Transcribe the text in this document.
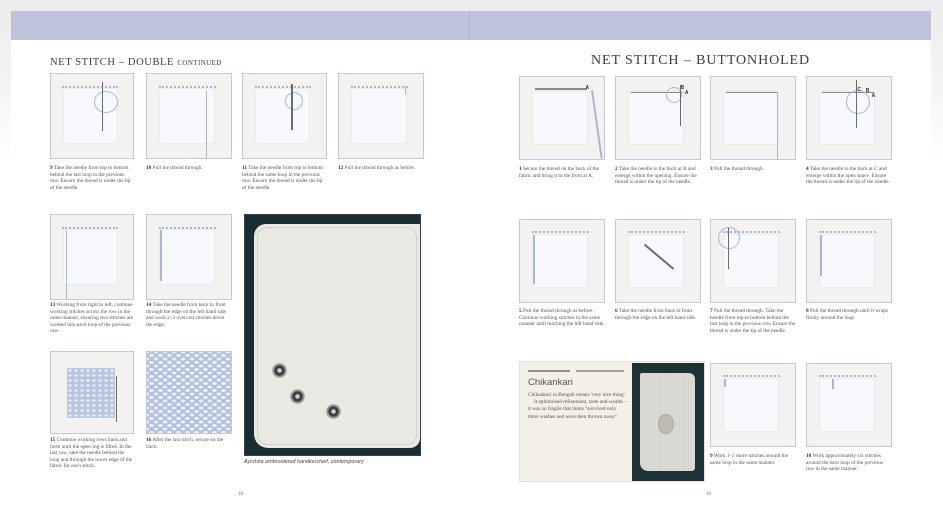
NET STITCH – DOUBLE CONTINUED
9 Take the needle from top to bottom behind the last loop in the previous row. Ensure the thread is under the tip of the needle.
10 Pull the thread through.	11 Take the needle from top to bottom behind the same loop in the previous row. Ensure the thread is under the tip of the needle.
12 Pull the thread through as before.
13 Working from right to left, continue working stitches across the row in the same manner, ensuring two stitches are worked into each loop of the previous row.
14 Take the needle from back to front through the edge on the left hand side and work 2–3 overcast stitches down the edge.
15 Continue working rows back and forth until the open-ing is filled. In the last row, take the needle behind the loop and through the lower edge of the fabric for each stitch.
16 After the last stitch, secure on the back.
Ayrshire embroidered handkerchief, contemporary
18
NET STITCH – BUTTONHOLED
A
1 Secure the thread on the back of the fabric and bring it to the front at A.
B
A
2 Take the needle to the back at B and emerge within the opening. Ensure the thread is under the tip of the needle.
3 Pull the thread through.
C B
A
4 Take the needle to the back at C and emerge within the open space. Ensure the thread is under the tip of the needle.
5 Pull the thread through as before. Continue working stitches in the same manner until reaching the left hand side.
6 Take the needle from back to front through the edge on the left hand side.
7 Pull the thread through. Take the needle from top to bottom behind the last loop in the previous row. Ensure the thread is under the tip of the needle.
8 Pull the thread through until it wraps firmly around the loop.
Chikankari

Chikankari in Bengali means 'very nice thing'.

It epitomised refinement, taste and wealth – it was so fragile that items "survived only three washes and were then thrown away".

9 Work 1–2 more stitches around the same loop in the same manner.
10 Work approximately six stitches around the next loop of the previous row in the same manner.
19
